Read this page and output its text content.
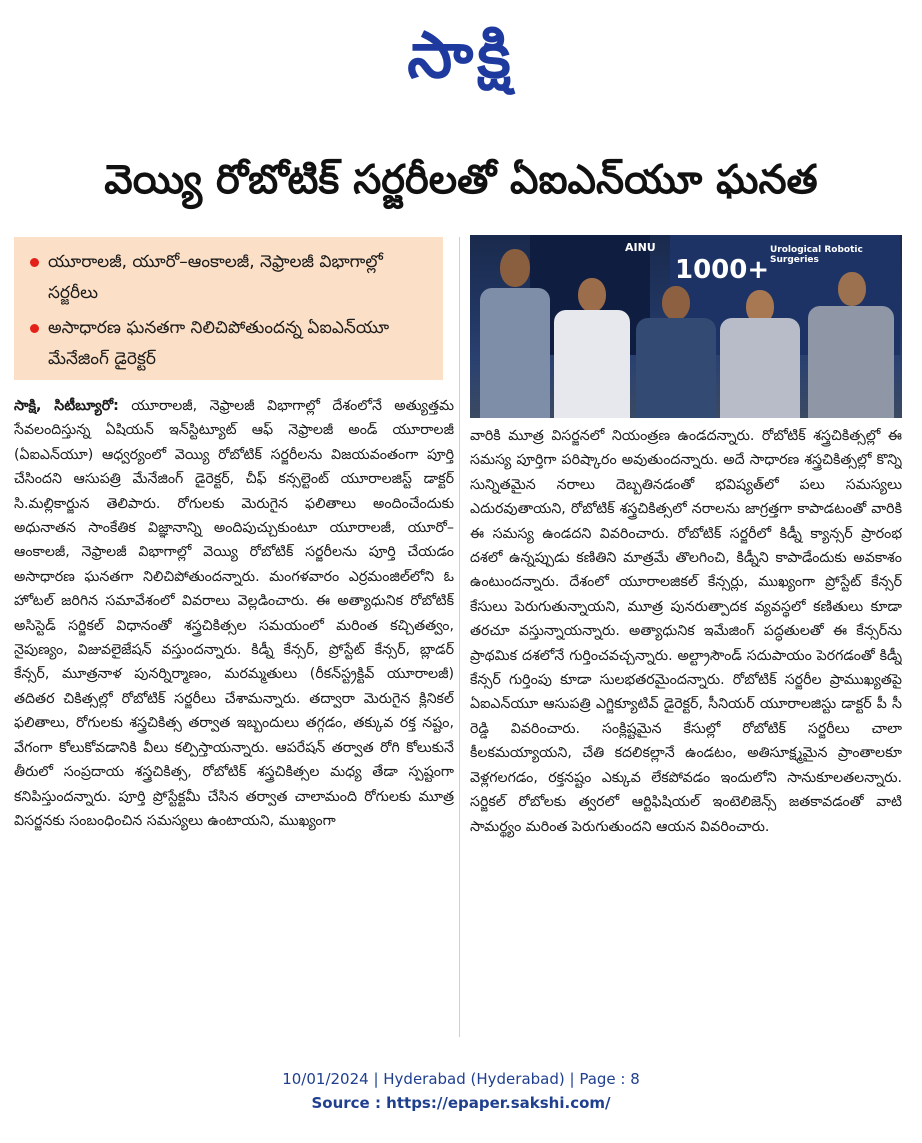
సాక్షి
వెయ్యి రోబోటిక్ సర్జరీలతో ఏఐఎన్‌యూ ఘనత
యూరాలజీ, యూరో–ఆంకాలజీ, నెఫ్రాలజీ విభాగాల్లో సర్జరీలు
అసాధారణ ఘనతగా నిలిచిపోతుందన్న ఏఐఎన్‌యూ మేనేజింగ్ డైరెక్టర్
1000+
Urological Robotic Surgeries
AINU
సాక్షి, సిటీబ్యూరో: యూరాలజీ, నెఫ్రాలజీ విభాగాల్లో దేశంలోనే అత్యుత్తమ సేవలందిస్తున్న ఏషియన్ ఇన్‌స్టిట్యూట్ ఆఫ్ నెఫ్రాలజీ అండ్ యూరాలజీ (ఏఐఎన్‌యూ) ఆధ్వర్యంలో వెయ్యి రోబోటిక్ సర్జరీలను విజయవంతంగా పూర్తి చేసిందని ఆసుపత్రి మేనేజింగ్ డైరెక్టర్, చీఫ్ కన్సల్టెంట్ యూరాలజిస్ట్ డాక్టర్ సి.మల్లికార్జున తెలిపారు. రోగులకు మెరుగైన ఫలితాలు అందించేందుకు అధునాతన సాంకేతిక విజ్ఞానాన్ని అందిపుచ్చుకుంటూ యూరాలజీ, యూరో–ఆంకాలజీ, నెఫ్రాలజీ విభాగాల్లో వెయ్యి రోబోటిక్ సర్జరీలను పూర్తి చేయడం అసాధారణ ఘనతగా నిలిచిపోతుందన్నారు. మంగళవారం ఎర్రమంజిల్‌లోని ఓ హోటల్ జరిగిన సమావేశంలో వివరాలు వెల్లడించారు. ఈ అత్యాధునిక రోబోటిక్ అసిస్టెడ్ సర్జికల్ విధానంతో శస్త్రచికిత్సల సమయంలో మరింత కచ్చితత్వం, నైపుణ్యం, విజువలైజేషన్ వస్తుందన్నారు. కిడ్నీ కేన్సర్, ప్రోస్టేట్ కేన్సర్, బ్లాడర్ కేన్సర్, మూత్రనాళ పునర్నిర్మాణం, మరమ్మతులు (రీకన్‌స్ట్రక్టివ్ యూరాలజీ) తదితర చికిత్సల్లో రోబోటిక్ సర్జరీలు చేశామన్నారు. తద్వారా మెరుగైన క్లినికల్ ఫలితాలు, రోగులకు శస్త్రచికిత్స తర్వాత ఇబ్బందులు తగ్గడం, తక్కువ రక్త నష్టం, వేగంగా కోలుకోవడానికి వీలు కల్పిస్తాయన్నారు. ఆపరేషన్ తర్వాత రోగి కోలుకునే తీరులో సంప్రదాయ శస్త్రచికిత్స, రోబోటిక్ శస్త్రచికిత్సల మధ్య తేడా స్పష్టంగా కనిపిస్తుందన్నారు. పూర్తి ప్రోస్టేక్టమీ చేసిన తర్వాత చాలామంది రోగులకు మూత్ర విసర్జనకు సంబంధించిన సమస్యలు ఉంటాయని, ముఖ్యంగా
వారికి మూత్ర విసర్జనలో నియంత్రణ ఉండదన్నారు. రోబోటిక్ శస్త్రచికిత్సల్లో ఈ సమస్య పూర్తిగా పరిష్కారం అవుతుందన్నారు. అదే సాధారణ శస్త్రచికిత్సల్లో కొన్ని సున్నితమైన నరాలు దెబ్బతినడంతో భవిష్యత్‌లో పలు సమస్యలు ఎదురవుతాయని, రోబోటిక్ శస్త్రచికిత్సలో నరాలను జాగ్రత్తగా కాపాడటంతో వారికి ఈ సమస్య ఉండదని వివరించారు. రోబోటిక్ సర్జరీలో కిడ్నీ క్యాన్సర్ ప్రారంభ దశలో ఉన్నప్పుడు కణితిని మాత్రమే తొలగించి, కిడ్నీని కాపాడేందుకు అవకాశం ఉంటుందన్నారు. దేశంలో యూరాలజికల్ కేన్సర్లు, ముఖ్యంగా ప్రోస్టేట్ కేన్సర్ కేసులు పెరుగుతున్నాయని, మూత్ర పునరుత్పాదక వ్యవస్థలో కణితులు కూడా తరచూ వస్తున్నాయన్నారు. అత్యాధునిక ఇమేజింగ్ పద్ధతులతో ఈ కేన్సర్‌ను ప్రాథమిక దశలోనే గుర్తించవచ్చన్నారు. అల్ట్రాసౌండ్ సదుపాయం పెరగడంతో కిడ్నీ కేన్సర్ గుర్తింపు కూడా సులభతరమైందన్నారు. రోబోటిక్ సర్జరీల ప్రాముఖ్యతపై ఏఐఎన్‌యూ ఆసుపత్రి ఎగ్జిక్యూటివ్ డైరెక్టర్, సీనియర్ యూరాలజిస్టు డాక్టర్ పీ సీ రెడ్డి వివరించారు. సంక్లిష్టమైన కేసుల్లో రోబోటిక్ సర్జరీలు చాలా కీలకమయ్యాయని, చేతి కదలికల్లానే ఉండటం, అతిసూక్ష్మమైన ప్రాంతాలకూ వెళ్లగలగడం, రక్తనష్టం ఎక్కువ లేకపోవడం ఇందులోని సానుకూలతలన్నారు. సర్జికల్ రోబోలకు త్వరలో ఆర్టిఫిషియల్ ఇంటెలిజెన్స్ జతకావడంతో వాటి సామర్థ్యం మరింత పెరుగుతుందని ఆయన వివరించారు.
10/01/2024 | Hyderabad (Hyderabad) | Page : 8
Source : https://epaper.sakshi.com/
